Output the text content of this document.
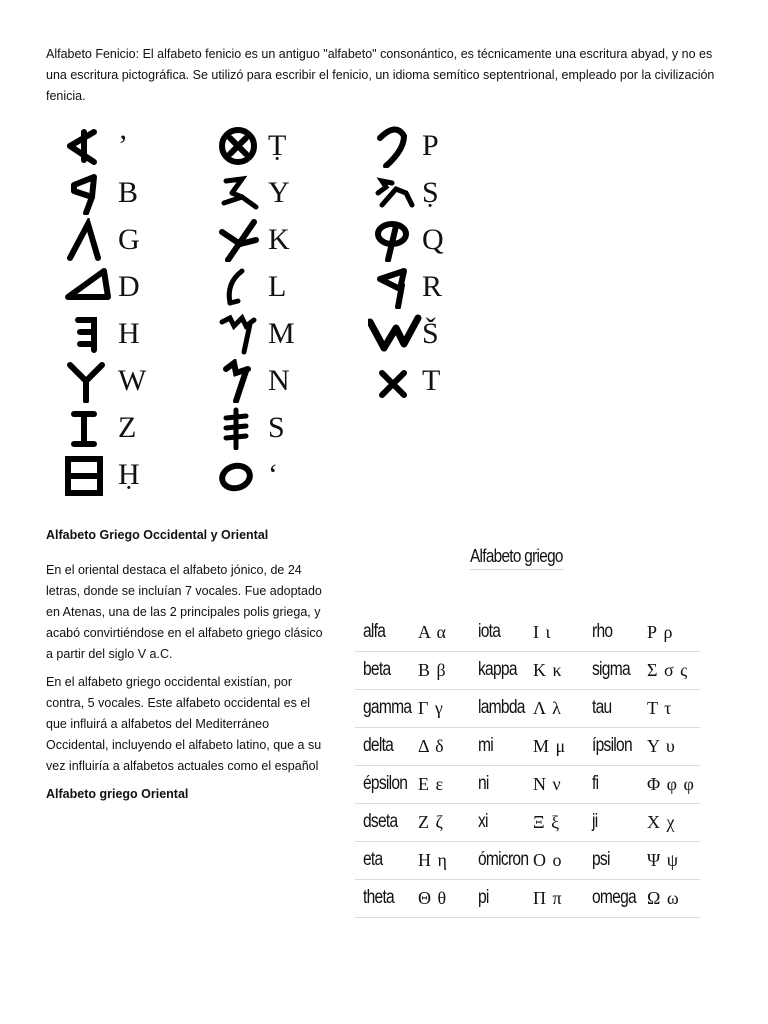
Alfabeto Fenicio: El alfabeto fenicio es un antiguo "alfabeto" consonántico, es técnicamente una escritura abyad, y no es una escritura pictográfica. Se utilizó para escribir el fenicio, un idioma semítico septentrional, empleado por la civilización fenicia.

’
B
G
D
H
W
Z
Ḥ
Ṭ
Y
K
L
M
N
S
‘
P
Ṣ
Q
R
Š
T
Alfabeto Griego Occidental y Oriental

En el oriental destaca el alfabeto jónico, de 24 letras, donde se incluían 7 vocales. Fue adoptado en Atenas, una de las 2 principales polis griega, y acabó convirtiéndose en el alfabeto griego clásico a partir del siglo V a.C.

En el alfabeto griego occidental existían, por contra, 5 vocales. Este alfabeto occidental es el que influirá a alfabetos del Mediterráneo Occidental, incluyendo el alfabeto latino, que a su vez influiría a alfabetos actuales como el español

Alfabeto griego Oriental
Alfabeto griego
alfa Α α iota Ι ι rho Ρ ρ
beta Β β kappa Κ κ sigma Σ σ ς
gamma Γ γ lambda Λ λ tau Τ τ
delta Δ δ mi Μ μ ípsilon Υ υ
épsilon Ε ε ni Ν ν fi	Φ φ φ
dseta Ζ ζ xi	Ξ ξ ji	Χ χ
eta Η η ómicron Ο ο psi Ψ ψ
theta Θ θ pi Π π omega Ω ω
